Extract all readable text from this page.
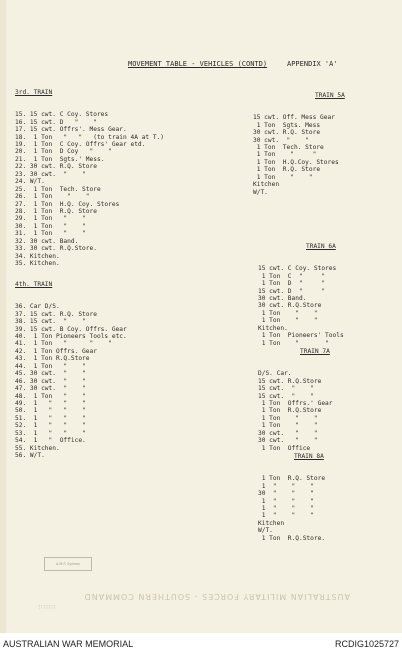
MOVEMENT TABLE - VEHICLES (CONTD)	APPENDIX 'A'

3rd. TRAIN

15. 15 cwt. C Coy. Stores
16. 15 cwt. D   "    "
17. 15 cwt. Offrs'. Mess Gear.
18.  1 Ton   "   "   (to train 4A at T.)
19.  1 Ton  C Coy. Offrs' Gear etd.
20.  1 Ton  D Coy   "    "
21.  1 Ton  Sgts.' Mess.
22. 30 cwt. R.Q. Store
23. 30 cwt.  "    "
24. W/T.
25.  1 Ton  Tech. Store
26.  1 Ton    "    "
27.  1 Ton  H.Q. Coy. Stores
28.  1 Ton  R.Q. Store
29.  1 Ton   "    "
30.  1 Ton   "    "
31.  1 Ton   "    "
32. 30 cwt. Band.
33. 30 cwt. R.Q.Store.
34. Kitchen.
35. Kitchen.

4th. TRAIN

36. Car D/S.
37. 15 cwt. R.Q. Store
38. 15 cwt.  "    "
39. 15 cwt. B Coy. Offrs. Gear
40.  1 Ton Pioneers Tools etc.
41.  1 Ton   "      "    "
42.  1 Ton Offrs. Gear
43.  1 Ton R.Q.Store
44.  1 Ton   "    "
45. 30 cwt.  "    "
46. 30 cwt.  "    "
47. 30 cwt.  "    "
48.  1 Ton   "    "
49.  1   "   "    "
50.  1   "   "    "
51.  1   "   "    "
52.  1   "   "    "
53.  1   "   "    "
54.  1   "  Office.
55. Kitchen.
56. W/T.

TRAIN 5A

15 cwt. Off. Mess Gear
1 Ton  Sgts. Mess
30 cwt. R.Q. Store
30 cwt.  "    "
1 Ton  Tech. Store
1 Ton    "     "
1 Ton  H.Q.Coy. Stores
1 Ton  R.Q. Store
1 Ton    "    "
Kitchen
W/T.

TRAIN 6A

15 cwt. C Coy. Stores
1 Ton  C  "     "
1 Ton  D  "     "
15 cwt. D  "     "
30 cwt. Band.
30 cwt. R.Q.Store
1 Ton    "    "
1 Ton    "    "
Kitchen.
1 Ton  Pioneers' Tools
1 Ton    "       "

TRAIN 7A

D/S. Car.
15 cwt. R.Q.Store
15 cwt.  "    "
15 cwt.  "    "
1 Ton  Offrs.' Gear
1 Ton  R.Q.Store
1 Ton    "    "
1 Ton    "    "
30 cwt.   "    "
30 cwt.   "    "
1 Ton  Office

TRAIN 8A

1 Ton  R.Q. Store
1  "    "    "
30  "    "    "
1  "    "    "
1  "    "    "
1  "    "    "
Kitchen
W/T.
1 Ton  R.Q.Store.

A.M.F. Sydney
AUSTRALIAN MILITARY FORCES - SOUTHERN COMMAND
1111111
AUSTRALIAN WAR MEMORIAL	RCDIG1025727
